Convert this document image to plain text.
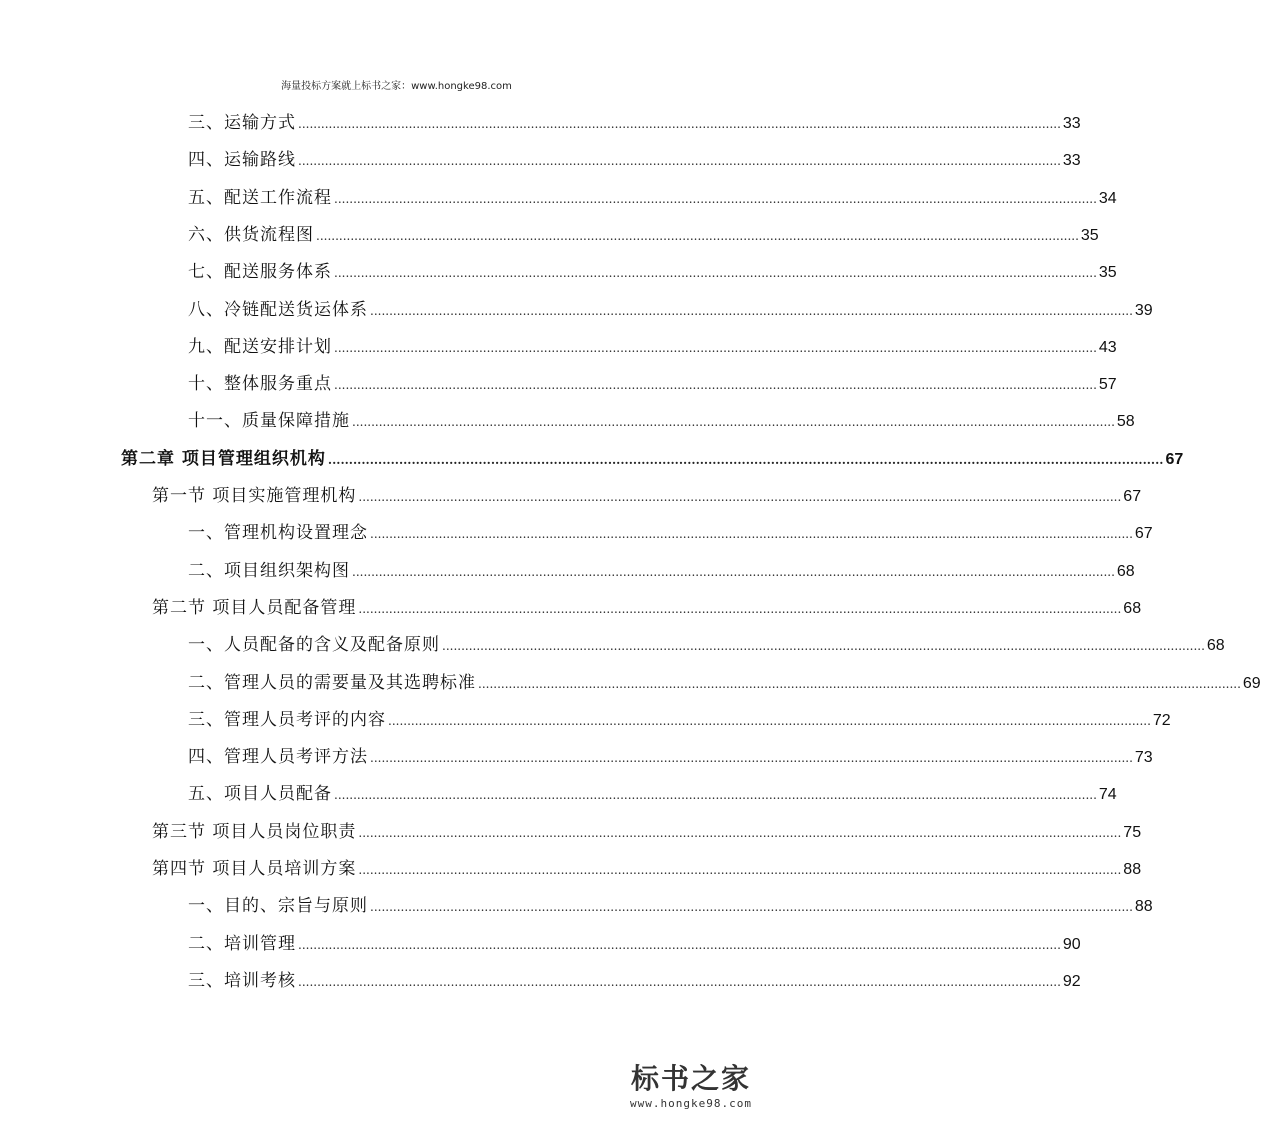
海量投标方案就上标书之家：www.hongke98.com
三、运输方式 ........................................................................................................................................................................................................ 33
四、运输路线 ........................................................................................................................................................................................................ 33
五、配送工作流程 ........................................................................................................................................................................................................ 34
六、供货流程图 ........................................................................................................................................................................................................ 35
七、配送服务体系 ........................................................................................................................................................................................................ 35
八、冷链配送货运体系 ........................................................................................................................................................................................................ 39
九、配送安排计划 ........................................................................................................................................................................................................ 43
十、整体服务重点 ........................................................................................................................................................................................................ 57
十一、质量保障措施 ........................................................................................................................................................................................................ 58
第二章 项目管理组织机构 ........................................................................................................................................................................................................ 67
第一节 项目实施管理机构 ........................................................................................................................................................................................................ 67
一、管理机构设置理念 ........................................................................................................................................................................................................ 67
二、项目组织架构图 ........................................................................................................................................................................................................ 68
第二节 项目人员配备管理 ........................................................................................................................................................................................................ 68
一、人员配备的含义及配备原则 ........................................................................................................................................................................................................ 68
二、管理人员的需要量及其选聘标准 ........................................................................................................................................................................................................ 69
三、管理人员考评的内容 ........................................................................................................................................................................................................ 72
四、管理人员考评方法 ........................................................................................................................................................................................................ 73
五、项目人员配备 ........................................................................................................................................................................................................ 74
第三节 项目人员岗位职责 ........................................................................................................................................................................................................ 75
第四节 项目人员培训方案 ........................................................................................................................................................................................................ 88
一、目的、宗旨与原则 ........................................................................................................................................................................................................ 88
二、培训管理 ........................................................................................................................................................................................................ 90
三、培训考核 ........................................................................................................................................................................................................ 92
标书之家
www.hongke98.com
